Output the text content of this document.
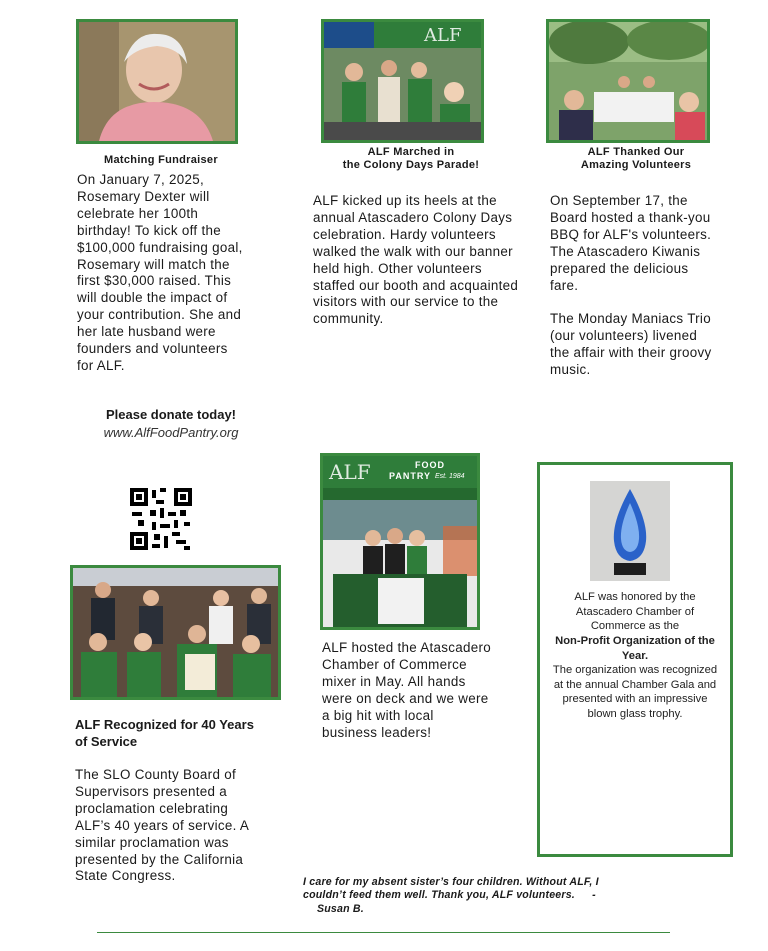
Matching Fundraiser
On January 7, 2025, Rosemary Dexter will celebrate her 100th birthday! To kick off the $100,000 fundraising goal, Rosemary will match the first $30,000 raised. This will double the impact of your contribution. She and her late husband were founders and volunteers for ALF.
Please donate today!
www.AlfFoodPantry.org
ALF
ALF Marched in
the Colony Days Parade!
ALF kicked up its heels at the annual Atascadero Colony Days celebration. Hardy volunteers walked the walk with our banner held high. Other volunteers staffed our booth and acquainted visitors with our service to the community.
ALF Thanked Our
Amazing Volunteers
On September 17, the Board hosted a thank-you BBQ for ALF's volunteers. The Atascadero Kiwanis prepared the delicious fare.
The Monday Maniacs Trio (our volunteers) livened the affair with their groovy music.
ALF Recognized for 40 Years of Service
The SLO County Board of Supervisors presented a proclamation celebrating ALF’s 40 years of service. A similar proclamation was presented by the California State Congress.
ALF	FOOD
PANTRY Est. 1984
ALF hosted the Atascadero Chamber of Commerce mixer in May. All hands were on deck and we were a big hit with local business leaders!
ALF was honored by the Atascadero Chamber of Commerce as the
Non-Profit Organization of the Year.
The organization was recognized at the annual Chamber Gala and presented with an impressive blown glass trophy.
I care for my absent sister’s four children. Without ALF, I couldn’t feed them well. Thank you, ALF volunteers. - Susan B.
